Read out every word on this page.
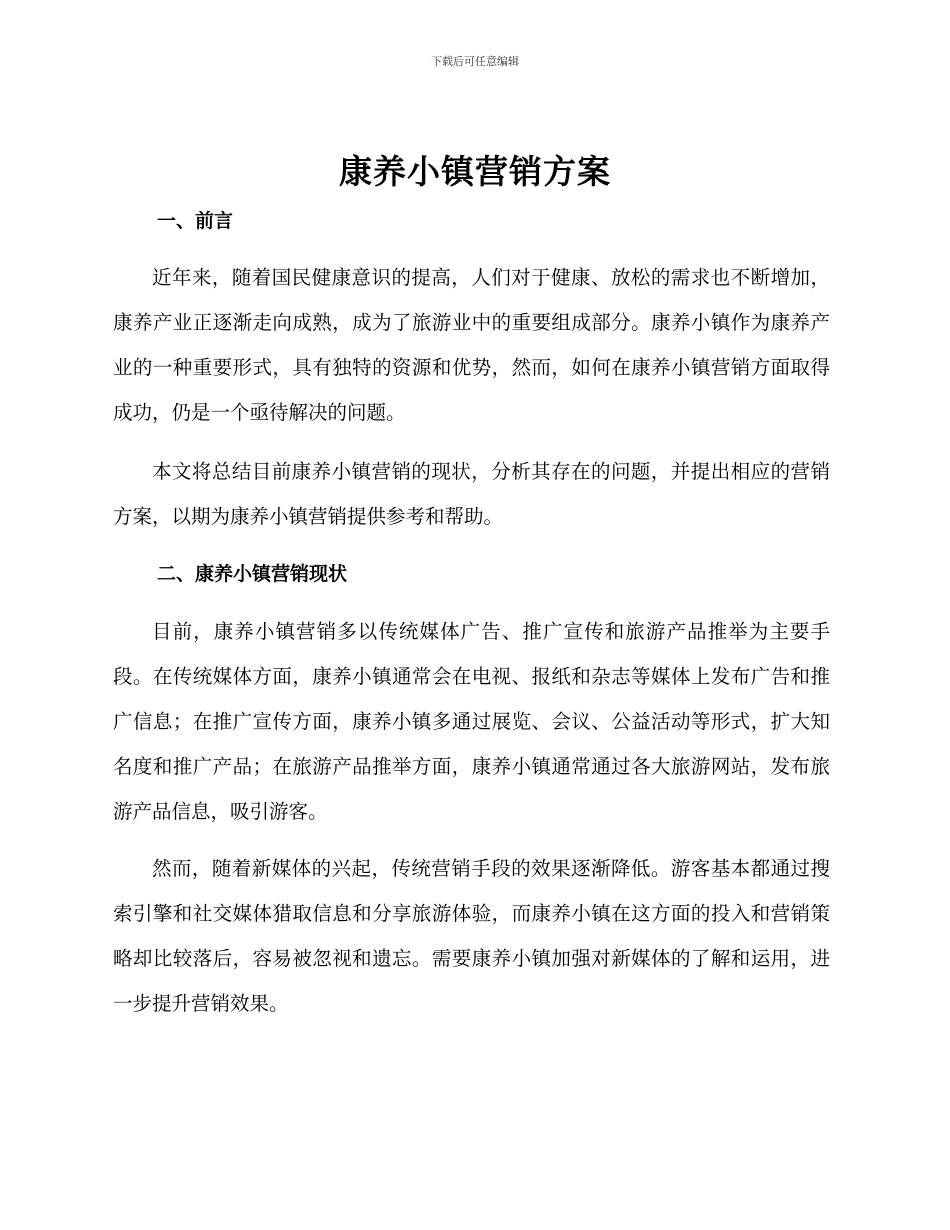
下载后可任意编辑
康养小镇营销方案
一、前言

近年来，随着国民健康意识的提高，人们对于健康、放松的需求也不断增加，康养产业正逐渐走向成熟，成为了旅游业中的重要组成部分。康养小镇作为康养产业的一种重要形式，具有独特的资源和优势，然而，如何在康养小镇营销方面取得成功，仍是一个亟待解决的问题。

本文将总结目前康养小镇营销的现状，分析其存在的问题，并提出相应的营销方案，以期为康养小镇营销提供参考和帮助。

二、康养小镇营销现状

目前，康养小镇营销多以传统媒体广告、推广宣传和旅游产品推举为主要手段。在传统媒体方面，康养小镇通常会在电视、报纸和杂志等媒体上发布广告和推广信息；在推广宣传方面，康养小镇多通过展览、会议、公益活动等形式，扩大知名度和推广产品；在旅游产品推举方面，康养小镇通常通过各大旅游网站，发布旅游产品信息，吸引游客。

然而，随着新媒体的兴起，传统营销手段的效果逐渐降低。游客基本都通过搜索引擎和社交媒体猎取信息和分享旅游体验，而康养小镇在这方面的投入和营销策略却比较落后，容易被忽视和遗忘。需要康养小镇加强对新媒体的了解和运用，进一步提升营销效果。
